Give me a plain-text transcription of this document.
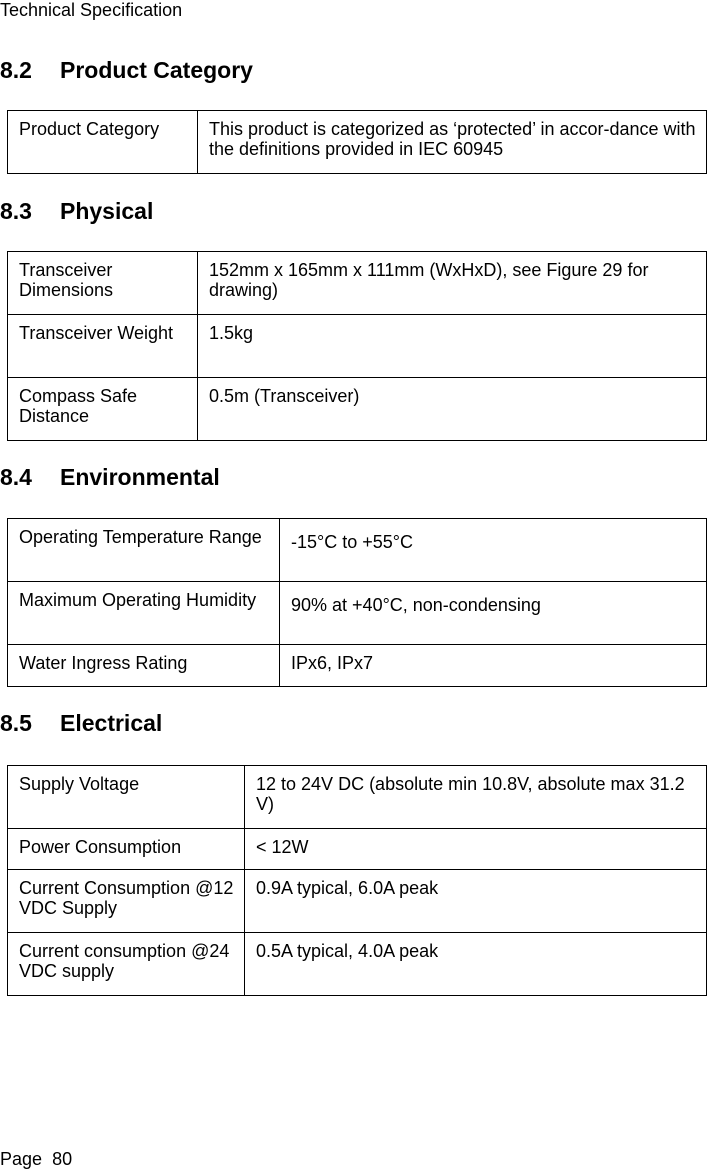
Technical Specification
8.2 Product Category
Product Category	This product is categorized as ‘protected’ in accor-dance with the definitions provided in IEC 60945
8.3 Physical
Transceiver Dimensions	152mm x 165mm x 111mm (WxHxD), see Figure 29 for drawing)
Transceiver Weight	1.5kg
Compass Safe Distance	0.5m (Transceiver)
8.4 Environmental
Operating Temperature Range	-15°C to +55°C
Maximum Operating Humidity	90% at +40°C, non-condensing
Water Ingress Rating	IPx6, IPx7
8.5 Electrical
Supply Voltage	12 to 24V DC (absolute min 10.8V, absolute max 31.2 V)
Power Consumption	< 12W
Current Consumption @12 VDC Supply	0.9A typical, 6.0A peak
Current consumption @24 VDC supply	0.5A typical, 4.0A peak
Page 80
